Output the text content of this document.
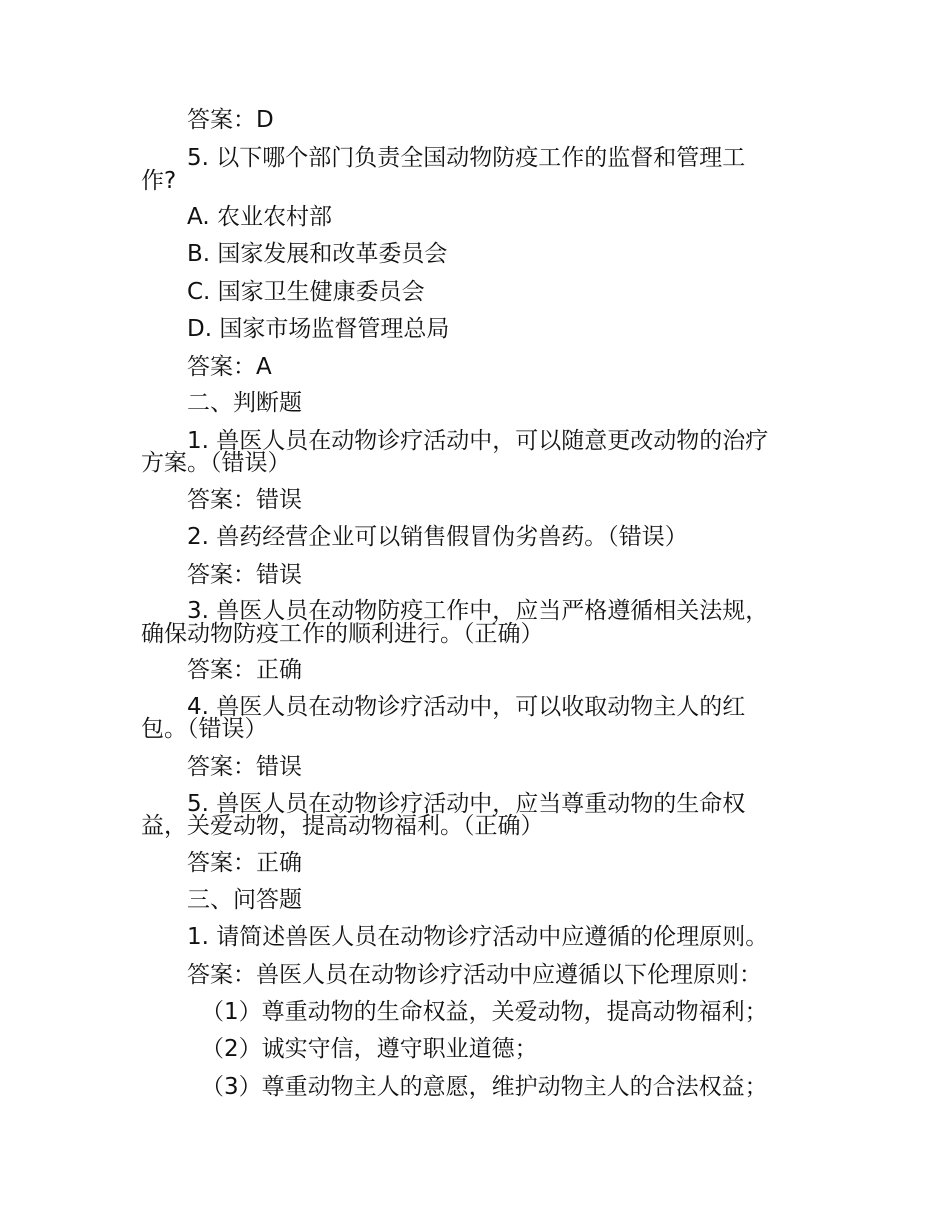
答案：D

5. 以下哪个部门负责全国动物防疫工作的监督和管理工

作?

A. 农业农村部

B. 国家发展和改革委员会

C. 国家卫生健康委员会

D. 国家市场监督管理总局

答案：A

二、判断题

1. 兽医人员在动物诊疗活动中，可以随意更改动物的治疗

方案。（错误）

答案：错误

2. 兽药经营企业可以销售假冒伪劣兽药。（错误）

答案：错误

3. 兽医人员在动物防疫工作中，应当严格遵循相关法规，

确保动物防疫工作的顺利进行。（正确）

答案：正确

4. 兽医人员在动物诊疗活动中，可以收取动物主人的红

包。（错误）

答案：错误

5. 兽医人员在动物诊疗活动中，应当尊重动物的生命权

益，关爱动物，提高动物福利。（正确）

答案：正确

三、问答题

1. 请简述兽医人员在动物诊疗活动中应遵循的伦理原则。

答案：兽医人员在动物诊疗活动中应遵循以下伦理原则：

（1）尊重动物的生命权益，关爱动物，提高动物福利；

（2）诚实守信，遵守职业道德；

（3）尊重动物主人的意愿，维护动物主人的合法权益；
